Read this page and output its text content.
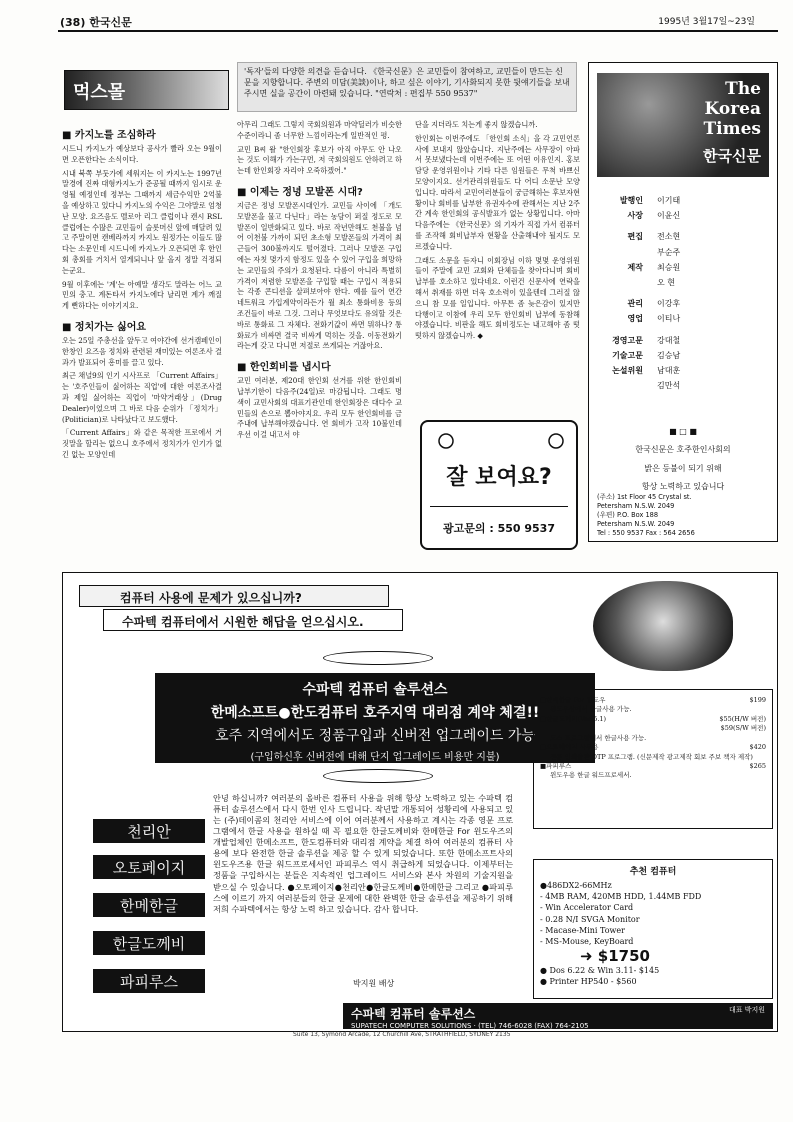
(38) 한국신문	1995년 3월17일~23일
먹스몰
'독자'들의 다양한 의견을 듣습니다. 《한국신문》은 교민들이 참여하고, 교민들이 만드는 신문을 지향합니다. 주변의 미담(美談)이나, 하고 싶은 이야기, 기사화되지 못한 뒷얘기들을 보내주시면 실을 공간이 마련돼 있습니다. "연락처 : 편집부 550 9537"
■ 카지노를 조심하라

시드니 카지노가 예상보다 공사가 빨라 오는 9월이면 오픈한다는 소식이다.

시내 북쪽 부둣가에 세워지는 이 카지노는 1997년 말경에 진짜 대형카지노가 준공될 때까지 임시로 운영될 예정인데 정부는 그때까지 세금수익만 2억불을 예상하고 있다니 카지노의 수익은 그야말로 엄청난 모양. 요즈음도 멜로아 리그 클럽이나 캔시 RSL클럽에는 수많은 교민들이 슬롯머신 앞에 매달려 있고 주말이면 캔베라까지 카지노 원정가는 이들도 많다는 소문인데 시드니에 카지노가 오픈되면 후 한인회 총회를 거치서 열게되니나 앞 올지 정말 걱정되는군요.

9월 이후에는 '계'는 아예말 생각도 말라는 어느 교민의 충고. 계돈타서 카지노에다 날리면 계가 깨질게 뻔하다는 이야기지요.

■ 정치가는 싫어요

오는 25일 주총선을 앞두고 여야간에 선거캠페인이 한창인 요즈음 정치와 관련된 재미있는 여론조사 결과가 발표되어 흥미를 끌고 있다.

최근 채널9의 인기 시사프로 「Current Affairs」는 '호주인들이 싫어하는 직업'에 대한 여론조사결과 제일 싫어하는 직업이 '마약거래상」(Drug Dealer)이었으며 그 바로 다음 순위가 「정치가」(Politician)로 나타났다고 보도했다.

「Current Affairs」와 같은 목적한 프로에서 거짓말을 할리는 없으니 호주에서 정치가가 인기가 없긴 없는 모양인데

아무리 그래도 그렇지 국회의원과 마약딜러가 비슷한 수준이라니 좀 너무한 느낌이라는게 일반적인 평.

교민 B씨 왈 "한인회장 후보가 아직 아무도 안 나오는 것도 이해가 가는구먼, 저 국회의원도 안하려고 하는데 한인회장 자리야 오죽하겠어."

■ 이제는 정녕 모발폰 시대?

지금은 정녕 모발폰시대인가. 교민들 사이에 「개도 모발폰을 물고 다닌다」라는 농담이 퍼질 정도로 모발폰이 일반화되고 있다. 바로 작년만해도 천불을 넘어 이천불 가까이 되던 초소형 모발폰들의 가격이 최근들어 300불까지도 떨어졌다. 그러나 모발폰 구입에는 자칫 몇가지 함정도 있을 수 있어 구입을 희망하는 교민들의 주의가 요청된다. 다름이 아니라 특별히 가격이 저렴한 모발폰을 구입할 때는 구입시 적용되는 각종 콘디션을 살펴보아야 한다. 예를 들어 연간 네트워크 가입계약이라든가 월 최소 통화비용 등의 조건들이 바로 그것. 그러나 무엇보다도 유의할 것은 바로 통화료 그 자체다. 전화기값이 싸면 뭐하나? 통화료가 비싸면 결국 비싸게 먹히는 것을. 이동전화기라는게 갖고 다니면 저절로 쓰게되는 거잖아요.

■ 한인회비를 냅시다

교민 여러분, 제20대 한인회 선거를 위한 한인회비 납부기한이 다음주(24일)로 마감됩니다. 그래도 명색이 교민사회의 대표기관인데 한인회장은 대다수 교민들의 손으로 뽑아야지요. 우리 모두 한인회비를 금주내에 납부해야겠습니다. 연 회비가 고작 10불인데 우선 이걸 내고서 야

단을 지더라도 치는게 좋지 않겠습니까.

한인회는 이번주에도 「한인회 소식」을 각 교민언론사에 보내지 않았습니다. 지난주에는 사무장이 아파서 못보냈다는데 이번주에는 또 어떤 이유인지. 홍보담당 운영위원이나 기타 다른 임원들은 무척 바쁘신 모양이지요. 선거관리위원들도 다 어디 소문난 모양입니다. 따라서 교민여러분들이 궁금해하는 후보자현황이나 회비를 납부한 유권자수에 관해서는 지난 2주간 계속 한인회의 공식발표가 없는 상황입니다. 아마 다음주에는 《한국신문》의 기자가 직접 가서 컴퓨터를 조작해 회비납부자 현황을 산출해내야 될지도 모르겠습니다.

그래도 소문을 듣자니 이회장님 이하 몇몇 운영위원들이 주말에 교민 교회와 단체들을 찾아다니며 회비납부를 호소하고 있다네요. 이런건 신문사에 연락을 해서 취재를 하면 더욱 호소력이 있을텐데 그러질 않으니 참 모를 일입니다. 아무튼 좀 늦은감이 있지만 다행이고 이참에 우리 모두 한인회비 납부에 동참해야겠습니다. 비판을 해도 회비정도는 내고해야 좀 떳떳하지 않겠습니까. ◆

잘 보여요?
광고문의 : 550 9537
The
Korea
Times
한국신문
발행인	이기태
사장	이윤신
편집	전소현
부순주
제작	최승원
오 현
관리	이강후
영업	이티나
경영고문	강대철
기술고문	김승남
논설위원	남대훈
김만석
■ □ ■
한국신문은 호주한인사회의
밝은 등불이 되기 위해
항상 노력하고 있습니다
(주소) 1st Floor 45 Crystal st.
Petersham N.S.W. 2049
(우편) P.O. Box 188
Petersham N.S.W. 2049
Tel : 550 9537 Fax : 564 2656
컴퓨터 사용에 문제가 있으십니까?
수파텍 컴퓨터에서 시원한 해답을 얻으십시오.
수파텍 컴퓨터 솔루션스
한메소프트●한도컴퓨터 호주지역 대리점 계약 체결!!
호주 지역에서도 정품구입과 신버전 업그레이드 가능
(구입하신후 신버전에 대해 단지 업그레이드 비용만 지불)
천리안
오토페이지
한메한글
한글도께비
파피루스
안녕 하십니까? 여러분의 올바른 컴퓨터 사용을 위해 항상 노력하고 있는 수파텍 컴퓨터 솔루션스에서 다시 한번 인사 드립니다. 작년말 개통되어 성황리에 사용되고 있는 (주)데이콤의 천리안 서비스에 이어 여러분께서 사용하고 계시는 각종 영문 프로그램에서 한글 사용을 원하실 때 꼭 필요한 한글도께비와 한메한글 For 윈도우즈의 개발업체인 한메소프트, 한도컴퓨터와 대리점 계약을 체결 하여 여러분의 컴퓨터 사용에 보다 완전한 한글 솔루션을 제공 할 수 있게 되었습니다. 또한 한메소프트사의 윈도우즈용 한글 워드프로세서인 파피루스 역시 취급하게 되었습니다. 이제부터는 정품을 구입하시는 분들은 지속적인 업그레이드 서비스와 본사 차원의 기술지원을 받으실 수 있습니다. ●오토페이지●천리안●한글도께비●한메한글 그리고 ●파피루스에 이르기 까지 여러분들의 한글 문제에 대한 완벽한 한글 솔루션을 제공하기 위해 저희 수파텍에서는 항상 노력 하고 있습니다. 감사 합니다.
박지원 배상
■한메한글 For 윈도우	$199
윈도우상에서 한글사용 가능.
■한글도께비(Ver 5.1)	$55(H/W 버전)
$59(S/W 버전)
도스 프로그램에서 한글사용 가능.
■오토페이지 사무용	$420
전문 인쇄출판 DTP 프로그램. (신문제작 광고제작 회보 주보 책자 제작)
■파피루스	$265
윈도우용 한글 워드프로세서.
추천 컴퓨터
●486DX2-66MHz
- 4MB RAM, 420MB HDD, 1.44MB FDD
- Win Accelerator Card
- 0.28 N/I SVGA Monitor
- Macase-Mini Tower
- MS-Mouse, KeyBoard
➜ $1750
● Dos 6.22 & Win 3.11- $145
● Printer HP540 - $560
수파텍 컴퓨터 솔루션스	대표 박지원
SUPATECH COMPUTER SOLUTIONS · (TEL) 746-6028 (FAX) 764-2105
Suite 13, Symond Arcade, 12 Churchill Ave, STRATHFIELD, SYDNEY 2135
